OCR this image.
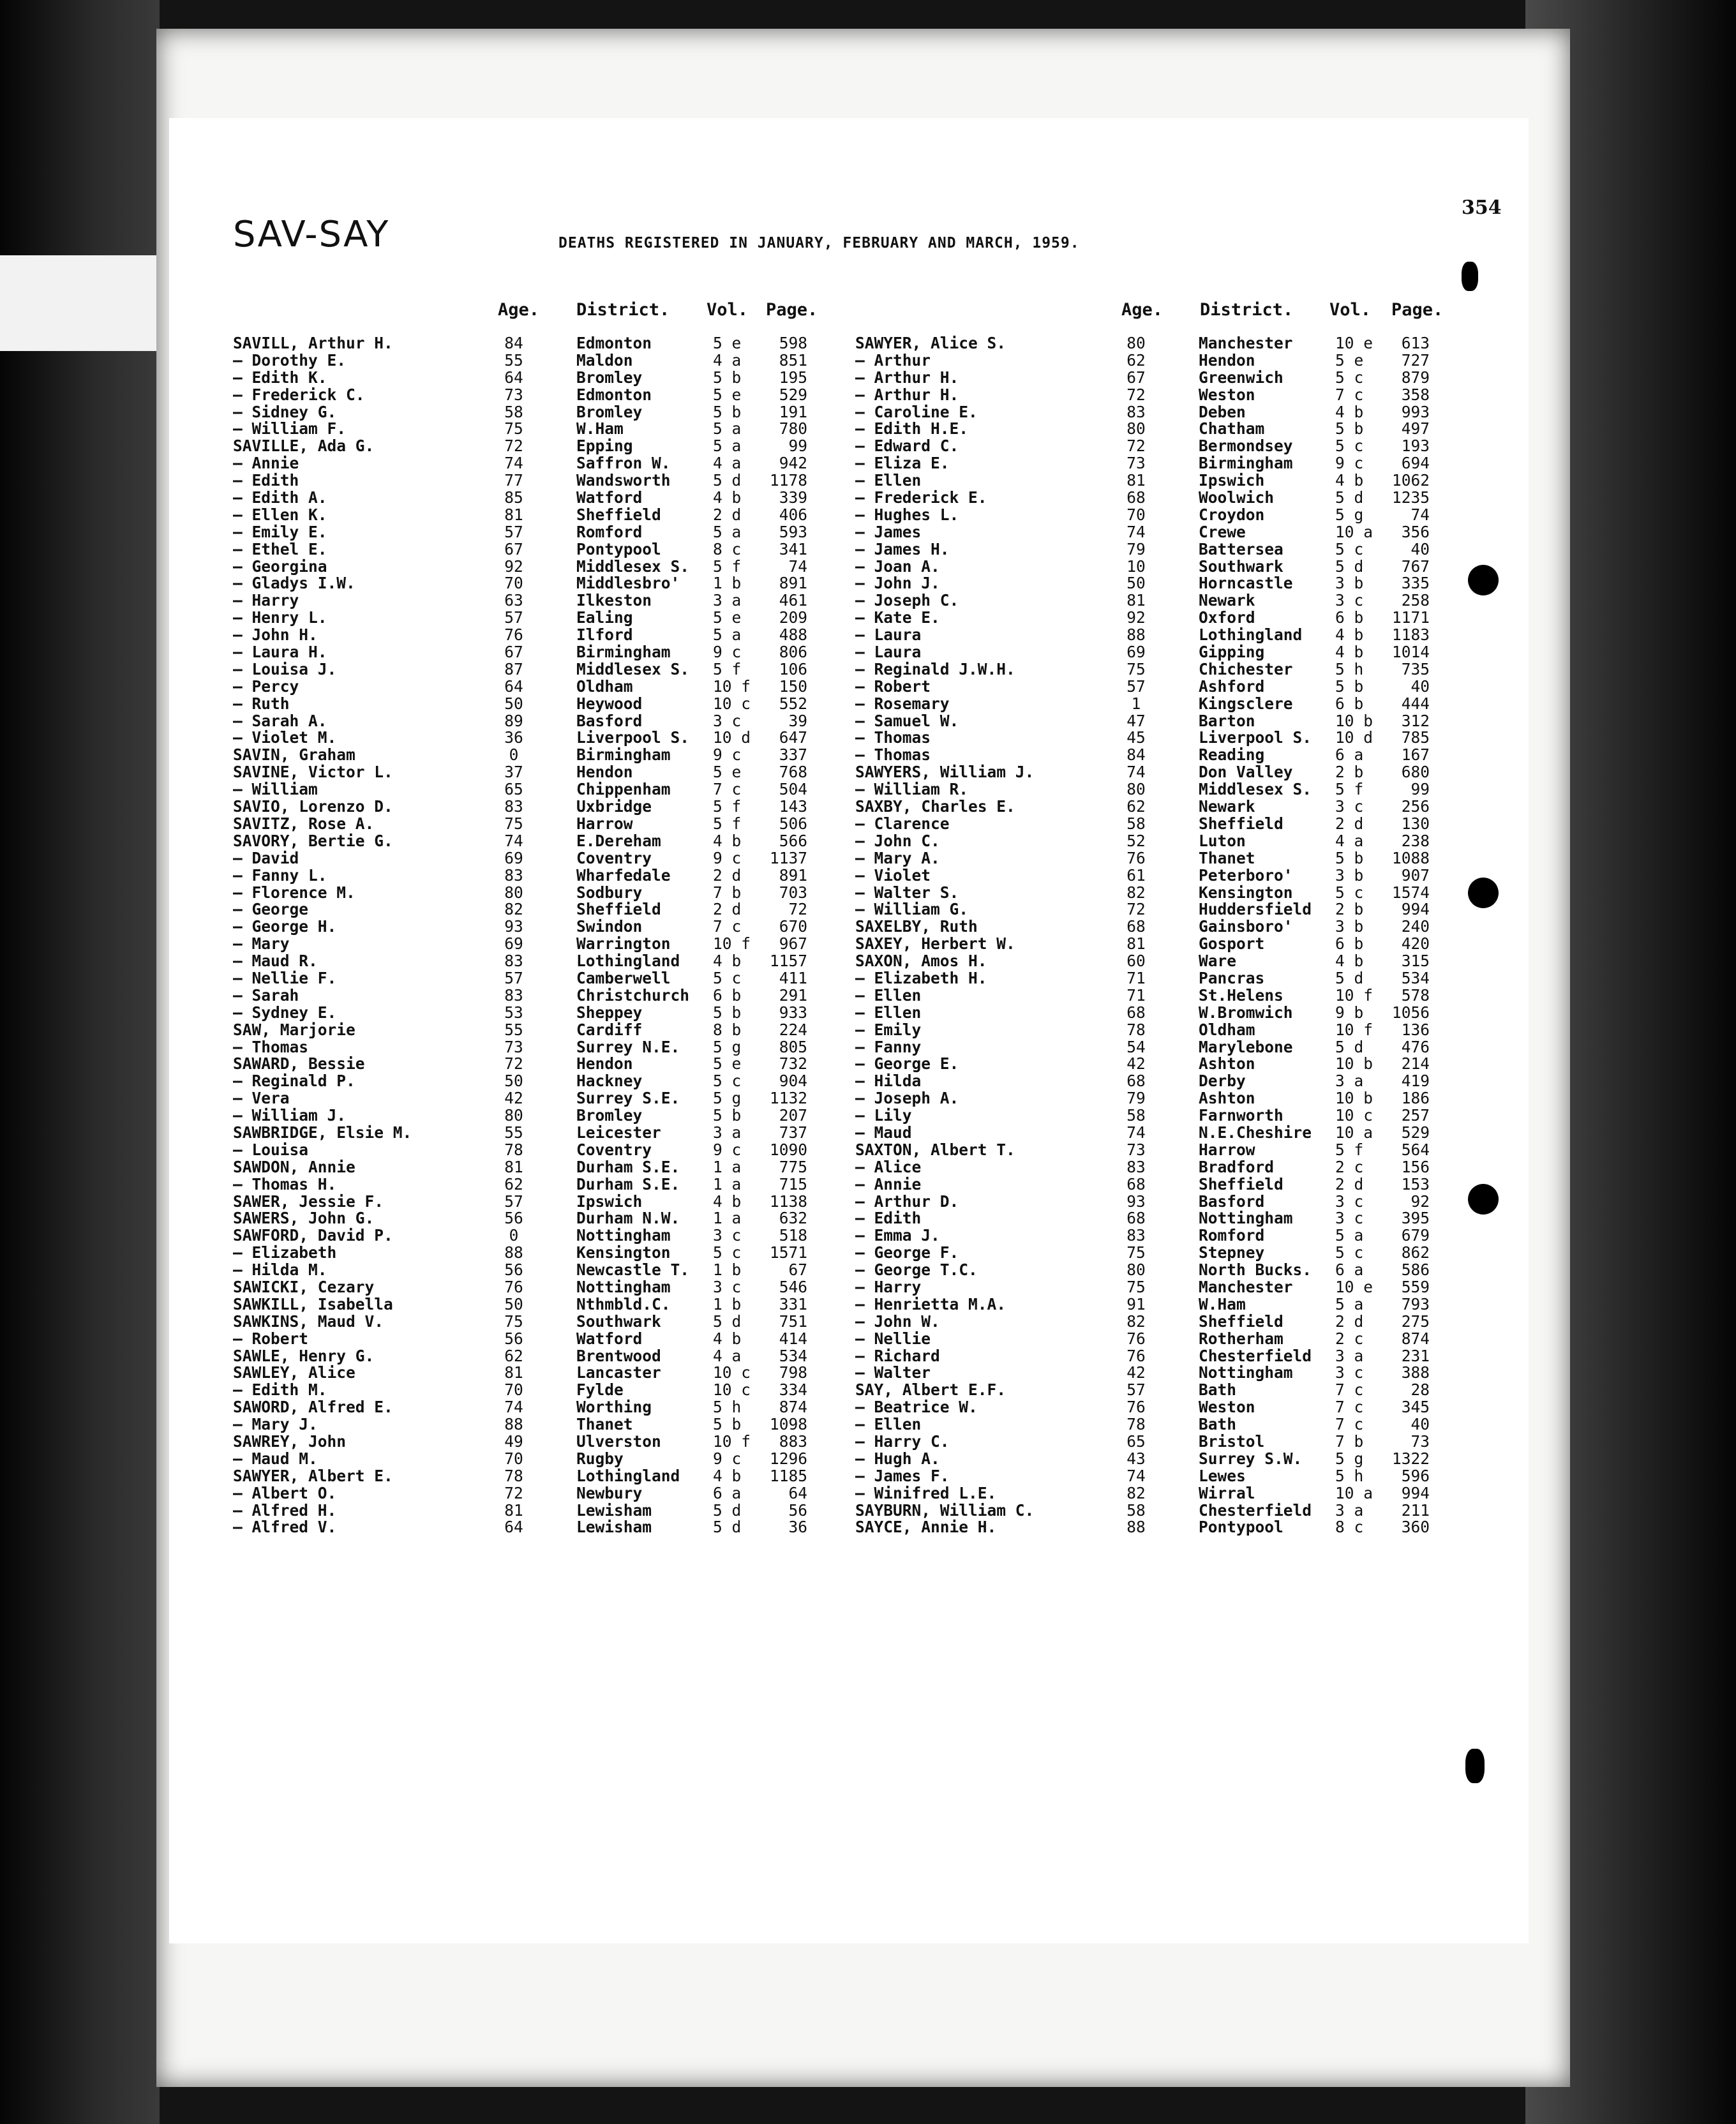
354
SAV-SAY	DEATHS REGISTERED IN JANUARY, FEBRUARY AND MARCH, 1959.
Age. District. Vol. Page.	Age. District. Vol. Page.
SAVILL, Arthur H.	84	Edmonton	5 e	598
— Dorothy E.	55	Maldon	4 a	851
— Edith K.	64	Bromley	5 b	195
— Frederick C.	73	Edmonton	5 e	529
— Sidney G.	58	Bromley	5 b	191
— William F.	75	W.Ham	5 a	780
SAVILLE, Ada G.	72	Epping	5 a	99
— Annie	74	Saffron W.	4 a	942
— Edith	77	Wandsworth	5 d	1178
— Edith A.	85	Watford	4 b	339
— Ellen K.	81	Sheffield	2 d	406
— Emily E.	57	Romford	5 a	593
— Ethel E.	67	Pontypool	8 c	341
— Georgina	92	Middlesex S. 5 f	74
— Gladys I.W.	70	Middlesbro' 1 b	891
— Harry	63	Ilkeston	3 a	461
— Henry L.	57	Ealing	5 e	209
— John H.	76	Ilford	5 a	488
— Laura H.	67	Birmingham	9 c	806
— Louisa J.	87	Middlesex S. 5 f	106
— Percy	64	Oldham	10 f	150
— Ruth	50	Heywood	10 c	552
— Sarah A.	89	Basford	3 c	39
— Violet M.	36	Liverpool S. 10 d	647
SAVIN, Graham	0	Birmingham	9 c	337
SAVINE, Victor L.	37	Hendon	5 e	768
— William	65	Chippenham	7 c	504
SAVIO, Lorenzo D.	83	Uxbridge	5 f	143
SAVITZ, Rose A.	75	Harrow	5 f	506
SAVORY, Bertie G.	74	E.Dereham	4 b	566
— David	69	Coventry	9 c	1137
— Fanny L.	83	Wharfedale	2 d	891
— Florence M.	80	Sodbury	7 b	703
— George	82	Sheffield	2 d	72
— George H.	93	Swindon	7 c	670
— Mary	69	Warrington	10 f	967
— Maud R.	83	Lothingland 4 b	1157
— Nellie F.	57	Camberwell	5 c	411
— Sarah	83	Christchurch 6 b	291
— Sydney E.	53	Sheppey	5 b	933
SAW, Marjorie	55	Cardiff	8 b	224
— Thomas	73	Surrey N.E. 5 g	805
SAWARD, Bessie	72	Hendon	5 e	732
— Reginald P.	50	Hackney	5 c	904
— Vera	42	Surrey S.E. 5 g	1132
— William J.	80	Bromley	5 b	207
SAWBRIDGE, Elsie M.	55	Leicester	3 a	737
— Louisa	78	Coventry	9 c	1090
SAWDON, Annie	81	Durham S.E. 1 a	775
— Thomas H.	62	Durham S.E. 1 a	715
SAWER, Jessie F.	57	Ipswich	4 b	1138
SAWERS, John G.	56	Durham N.W. 1 a	632
SAWFORD, David P.	0	Nottingham	3 c	518
— Elizabeth	88	Kensington	5 c	1571
— Hilda M.	56	Newcastle T. 1 b	67
SAWICKI, Cezary	76	Nottingham	3 c	546
SAWKILL, Isabella	50	Nthmbld.C.	1 b	331
SAWKINS, Maud V.	75	Southwark	5 d	751
— Robert	56	Watford	4 b	414
SAWLE, Henry G.	62	Brentwood	4 a	534
SAWLEY, Alice	81	Lancaster	10 c	798
— Edith M.	70	Fylde	10 c	334
SAWORD, Alfred E.	74	Worthing	5 h	874
— Mary J.	88	Thanet	5 b	1098
SAWREY, John	49	Ulverston	10 f	883
— Maud M.	70	Rugby	9 c	1296
SAWYER, Albert E.	78	Lothingland 4 b	1185
— Albert O.	72	Newbury	6 a	64
— Alfred H.	81	Lewisham	5 d	56
— Alfred V.	64	Lewisham	5 d	36
SAWYER, Alice S.	80	Manchester	10 e	613
— Arthur	62	Hendon	5 e	727
— Arthur H.	67	Greenwich	5 c	879
— Arthur H.	72	Weston	7 c	358
— Caroline E.	83	Deben	4 b	993
— Edith H.E.	80	Chatham	5 b	497
— Edward C.	72	Bermondsey	5 c	193
— Eliza E.	73	Birmingham	9 c	694
— Ellen	81	Ipswich	4 b	1062
— Frederick E.	68	Woolwich	5 d	1235
— Hughes L.	70	Croydon	5 g	74
— James	74	Crewe	10 a	356
— James H.	79	Battersea	5 c	40
— Joan A.	10	Southwark	5 d	767
— John J.	50	Horncastle	3 b	335
— Joseph C.	81	Newark	3 c	258
— Kate E.	92	Oxford	6 b	1171
— Laura	88	Lothingland 4 b	1183
— Laura	69	Gipping	4 b	1014
— Reginald J.W.H.	75	Chichester	5 h	735
— Robert	57	Ashford	5 b	40
— Rosemary	1	Kingsclere	6 b	444
— Samuel W.	47	Barton	10 b	312
— Thomas	45	Liverpool S. 10 d	785
— Thomas	84	Reading	6 a	167
SAWYERS, William J.	74	Don Valley	2 b	680
— William R.	80	Middlesex S. 5 f	99
SAXBY, Charles E.	62	Newark	3 c	256
— Clarence	58	Sheffield	2 d	130
— John C.	52	Luton	4 a	238
— Mary A.	76	Thanet	5 b	1088
— Violet	61	Peterboro'	3 b	907
— Walter S.	82	Kensington	5 c	1574
— William G.	72	Huddersfield 2 b	994
SAXELBY, Ruth	68	Gainsboro'	3 b	240
SAXEY, Herbert W.	81	Gosport	6 b	420
SAXON, Amos H.	60	Ware	4 b	315
— Elizabeth H.	71	Pancras	5 d	534
— Ellen	71	St.Helens	10 f	578
— Ellen	68	W.Bromwich	9 b	1056
— Emily	78	Oldham	10 f	136
— Fanny	54	Marylebone	5 d	476
— George E.	42	Ashton	10 b	214
— Hilda	68	Derby	3 a	419
— Joseph A.	79	Ashton	10 b	186
— Lily	58	Farnworth	10 c	257
— Maud	74	N.E.Cheshire 10 a	529
SAXTON, Albert T.	73	Harrow	5 f	564
— Alice	83	Bradford	2 c	156
— Annie	68	Sheffield	2 d	153
— Arthur D.	93	Basford	3 c	92
— Edith	68	Nottingham	3 c	395
— Emma J.	83	Romford	5 a	679
— George F.	75	Stepney	5 c	862
— George T.C.	80	North Bucks. 6 a	586
— Harry	75	Manchester	10 e	559
— Henrietta M.A.	91	W.Ham	5 a	793
— John W.	82	Sheffield	2 d	275
— Nellie	76	Rotherham	2 c	874
— Richard	76	Chesterfield 3 a	231
— Walter	42	Nottingham	3 c	388
SAY, Albert E.F.	57	Bath	7 c	28
— Beatrice W.	76	Weston	7 c	345
— Ellen	78	Bath	7 c	40
— Harry C.	65	Bristol	7 b	73
— Hugh A.	43	Surrey S.W. 5 g	1322
— James F.	74	Lewes	5 h	596
— Winifred L.E.	82	Wirral	10 a	994
SAYBURN, William C.	58	Chesterfield 3 a	211
SAYCE, Annie H.	88	Pontypool	8 c	360
